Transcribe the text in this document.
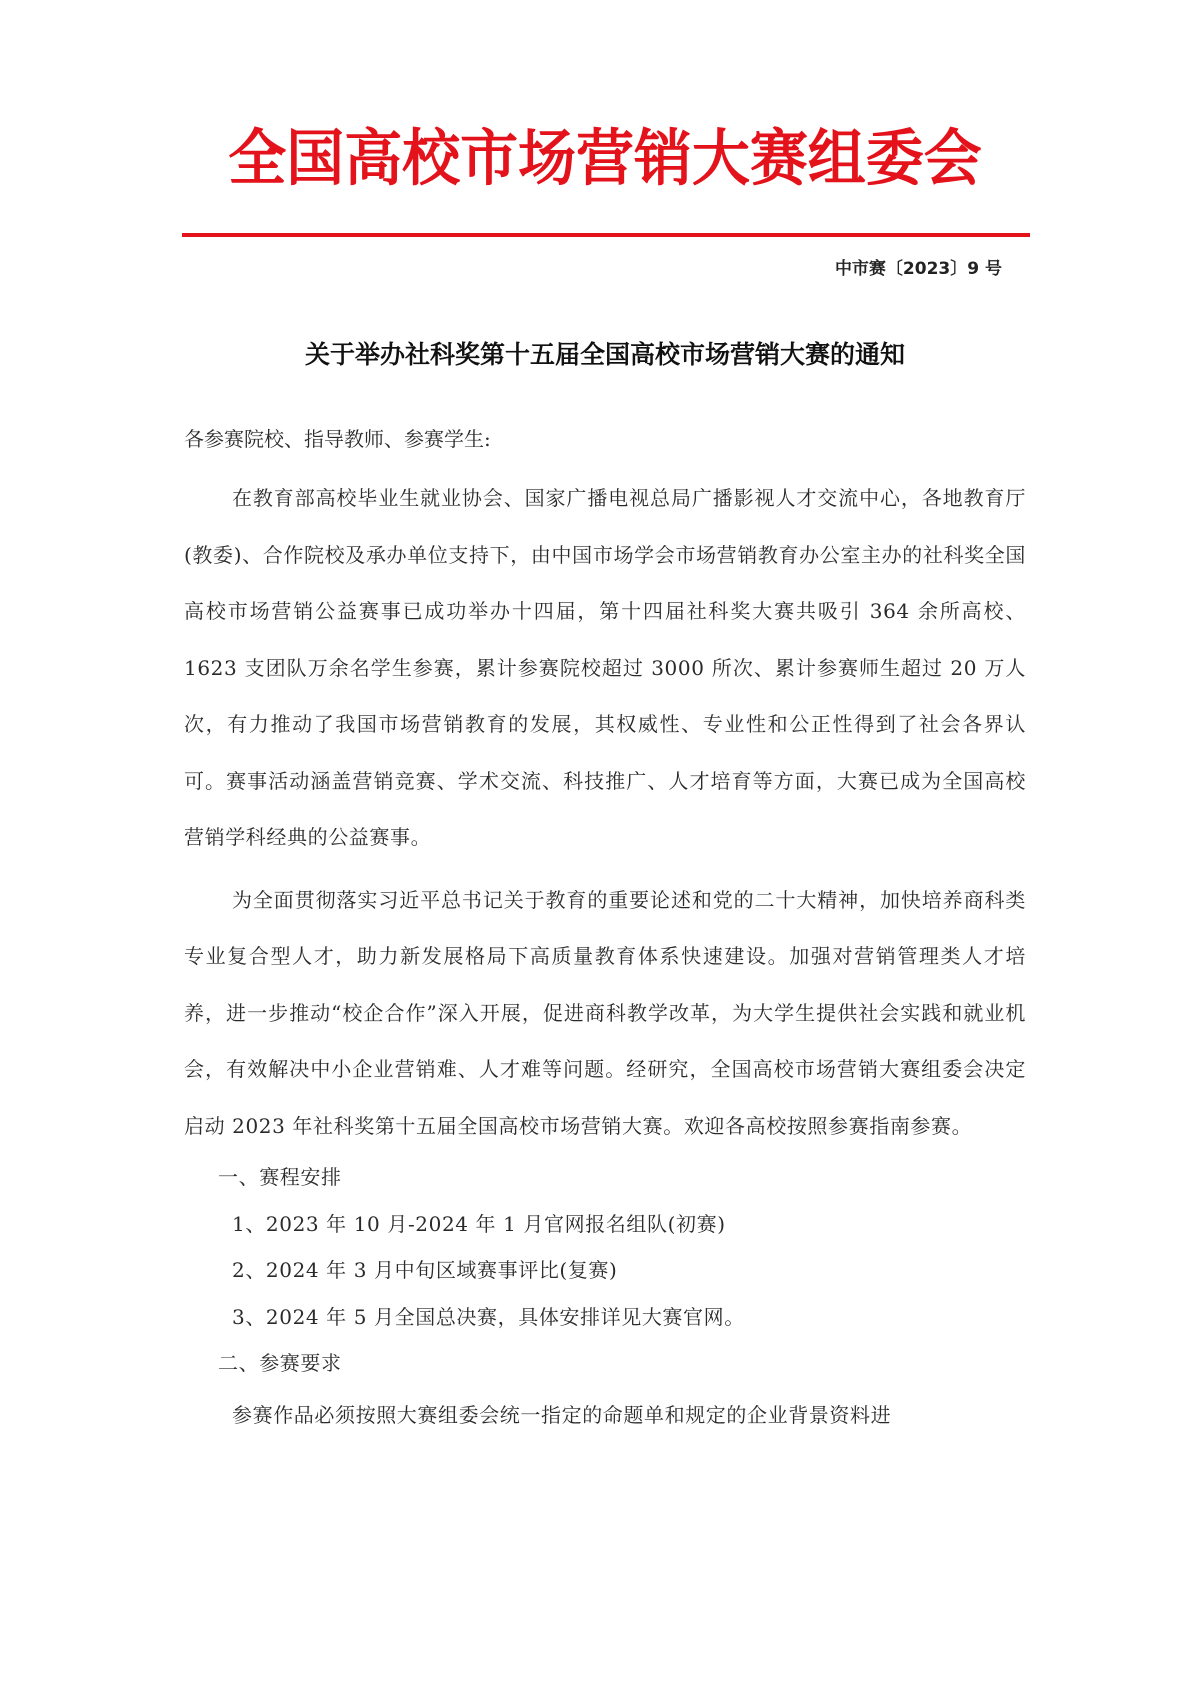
全国高校市场营销大赛组委会
中市赛〔2023〕9 号
关于举办社科奖第十五届全国高校市场营销大赛的通知

各参赛院校、指导教师、参赛学生:

在教育部高校毕业生就业协会、国家广播电视总局广播影视人才交流中心，各地教育厅(教委)、合作院校及承办单位支持下，由中国市场学会市场营销教育办公室主办的社科奖全国高校市场营销公益赛事已成功举办十四届，第十四届社科奖大赛共吸引 364 余所高校、1623 支团队万余名学生参赛，累计参赛院校超过 3000 所次、累计参赛师生超过 20 万人次，有力推动了我国市场营销教育的发展，其权威性、专业性和公正性得到了社会各界认可。赛事活动涵盖营销竞赛、学术交流、科技推广、人才培育等方面，大赛已成为全国高校营销学科经典的公益赛事。

为全面贯彻落实习近平总书记关于教育的重要论述和党的二十大精神，加快培养商科类专业复合型人才，助力新发展格局下高质量教育体系快速建设。加强对营销管理类人才培养，进一步推动“校企合作”深入开展，促进商科教学改革，为大学生提供社会实践和就业机会，有效解决中小企业营销难、人才难等问题。经研究，全国高校市场营销大赛组委会决定启动 2023 年社科奖第十五届全国高校市场营销大赛。欢迎各高校按照参赛指南参赛。

一、赛程安排

1、2023 年 10 月-2024 年 1 月官网报名组队(初赛)

2、2024 年 3 月中旬区域赛事评比(复赛)

3、2024 年 5 月全国总决赛，具体安排详见大赛官网。

二、参赛要求

参赛作品必须按照大赛组委会统一指定的命题单和规定的企业背景资料进
